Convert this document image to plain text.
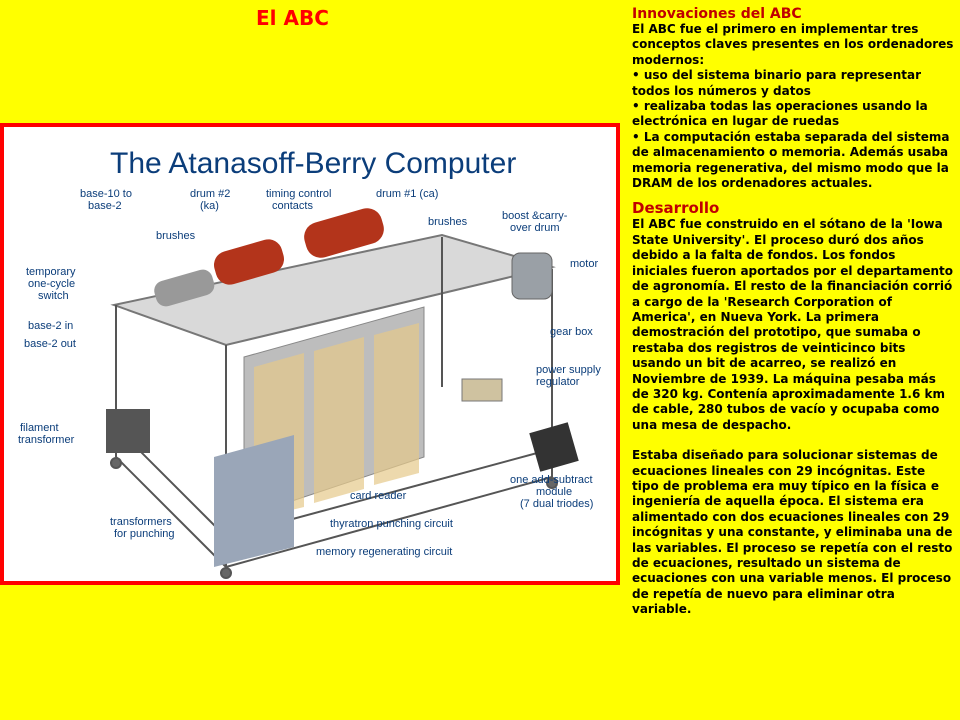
El ABC
The Atanasoff-Berry Computer
base-10 to
base-2
drum #2
(ka)
timing control
contacts
drum #1 (ca)
brushes
brushes	boost &carry-
over drum
motor
temporary
one-cycle
switch
base-2 in
base-2 out
gear box
power supply
regulator
filament
transformer
one add-subtract
module
(7 dual triodes)
card reader
thyratron punching circuit
memory regenerating circuit
transformers
for punching
Innovaciones del ABC

El ABC fue el primero en implementar tres conceptos claves presentes en los ordenadores modernos:

• uso del sistema binario para representar todos los números y datos

• realizaba todas las operaciones usando la electrónica en lugar de ruedas

• La computación estaba separada del sistema de almacenamiento o memoria. Además usaba memoria regenerativa, del mismo modo que la DRAM de los ordenadores actuales.

Desarrollo

El ABC fue construido en el sótano de la 'Iowa State University'. El proceso duró dos años debido a la falta de fondos. Los fondos iniciales fueron aportados por el departamento de agronomía. El resto de la financiación corrió a cargo de la 'Research Corporation of America', en Nueva York. La primera demostración del prototipo, que sumaba o restaba dos registros de veinticinco bits usando un bit de acarreo, se realizó en Noviembre de 1939. La máquina pesaba más de 320 kg. Contenía aproximadamente 1.6 km de cable, 280 tubos de vacío y ocupaba como una mesa de despacho.

Estaba diseñado para solucionar sistemas de ecuaciones lineales con 29 incógnitas. Este tipo de problema era muy típico en la física e ingeniería de aquella época. El sistema era alimentado con dos ecuaciones lineales con 29 incógnitas y una constante, y eliminaba una de las variables. El proceso se repetía con el resto de ecuaciones, resultado un sistema de ecuaciones con una variable menos. El proceso de repetía de nuevo para eliminar otra variable.
